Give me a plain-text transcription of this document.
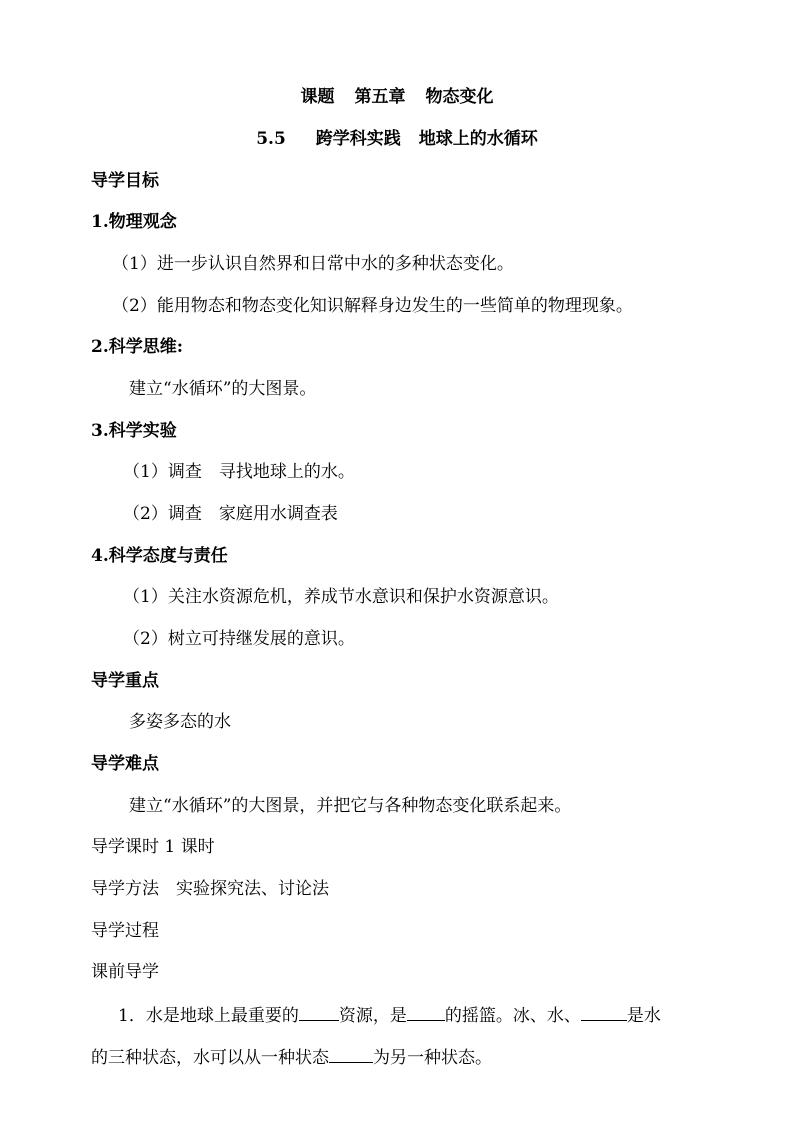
课题 第五章 物态变化
5.5 跨学科实践 地球上的水循环
导学目标
1.物理观念
（1）进一步认识自然界和日常中水的多种状态变化。
（2）能用物态和物态变化知识解释身边发生的一些简单的物理现象。
2.科学思维:
建立“水循环”的大图景。
3.科学实验
（1）调查 寻找地球上的水。
（2）调查 家庭用水调查表
4.科学态度与责任
（1）关注水资源危机，养成节水意识和保护水资源意识。
（2）树立可持继发展的意识。
导学重点
多姿多态的水
导学难点
建立“水循环”的大图景，并把它与各种物态变化联系起来。
导学课时 1 课时
导学方法 实验探究法、讨论法
导学过程
课前导学
1．水是地球上最重要的 资源，是 的摇篮。冰、水、	是水
的三种状态，水可以从一种状态	为另一种状态。
